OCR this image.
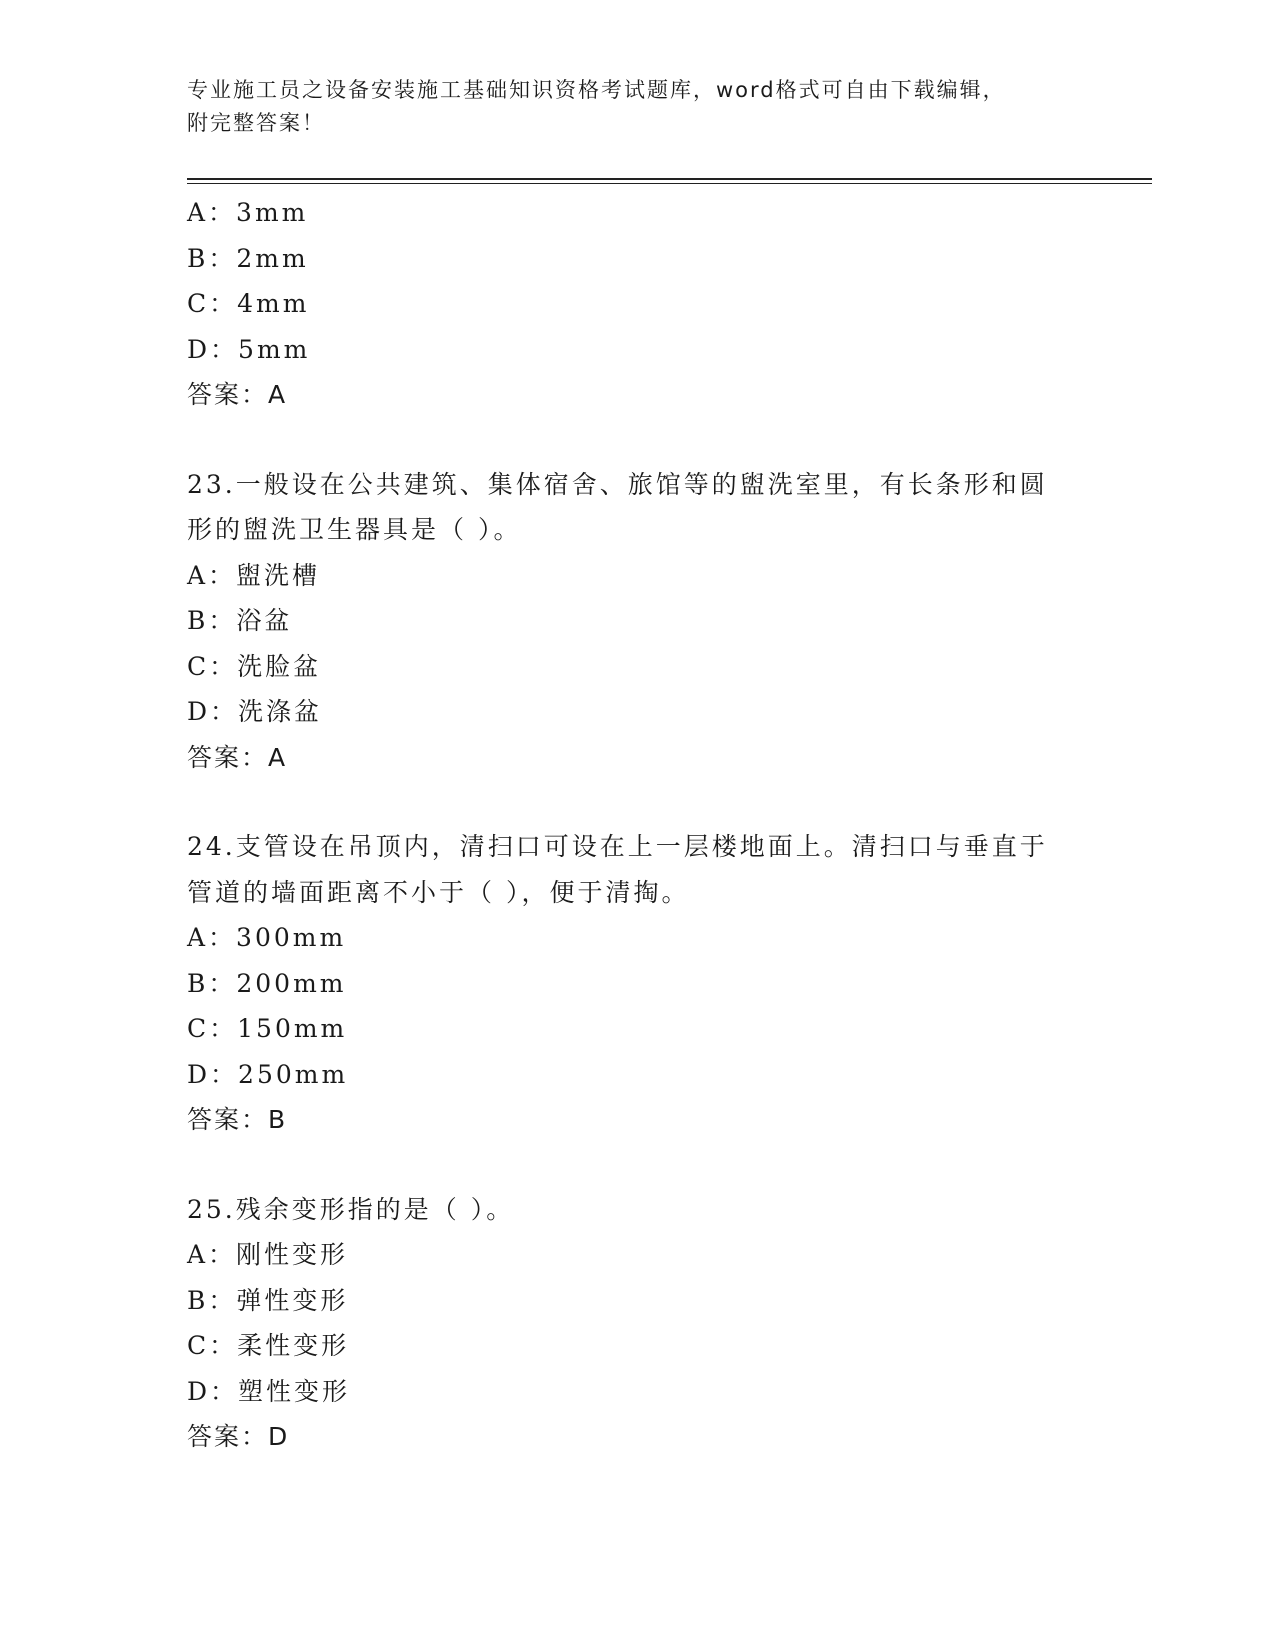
专业施工员之设备安装施工基础知识资格考试题库，word格式可自由下载编辑，
附完整答案！
A：3mm
B：2mm
C：4mm
D：5mm
答案：A
23.一般设在公共建筑、集体宿舍、旅馆等的盥洗室里，有长条形和圆
形的盥洗卫生器具是（ ）。
A：盥洗槽
B：浴盆
C：洗脸盆
D：洗涤盆
答案：A
24.支管设在吊顶内，清扫口可设在上一层楼地面上。清扫口与垂直于
管道的墙面距离不小于（ ），便于清掏。
A：300mm
B：200mm
C：150mm
D：250mm
答案：B
25.残余变形指的是（ ）。
A：刚性变形
B：弹性变形
C：柔性变形
D：塑性变形
答案：D
